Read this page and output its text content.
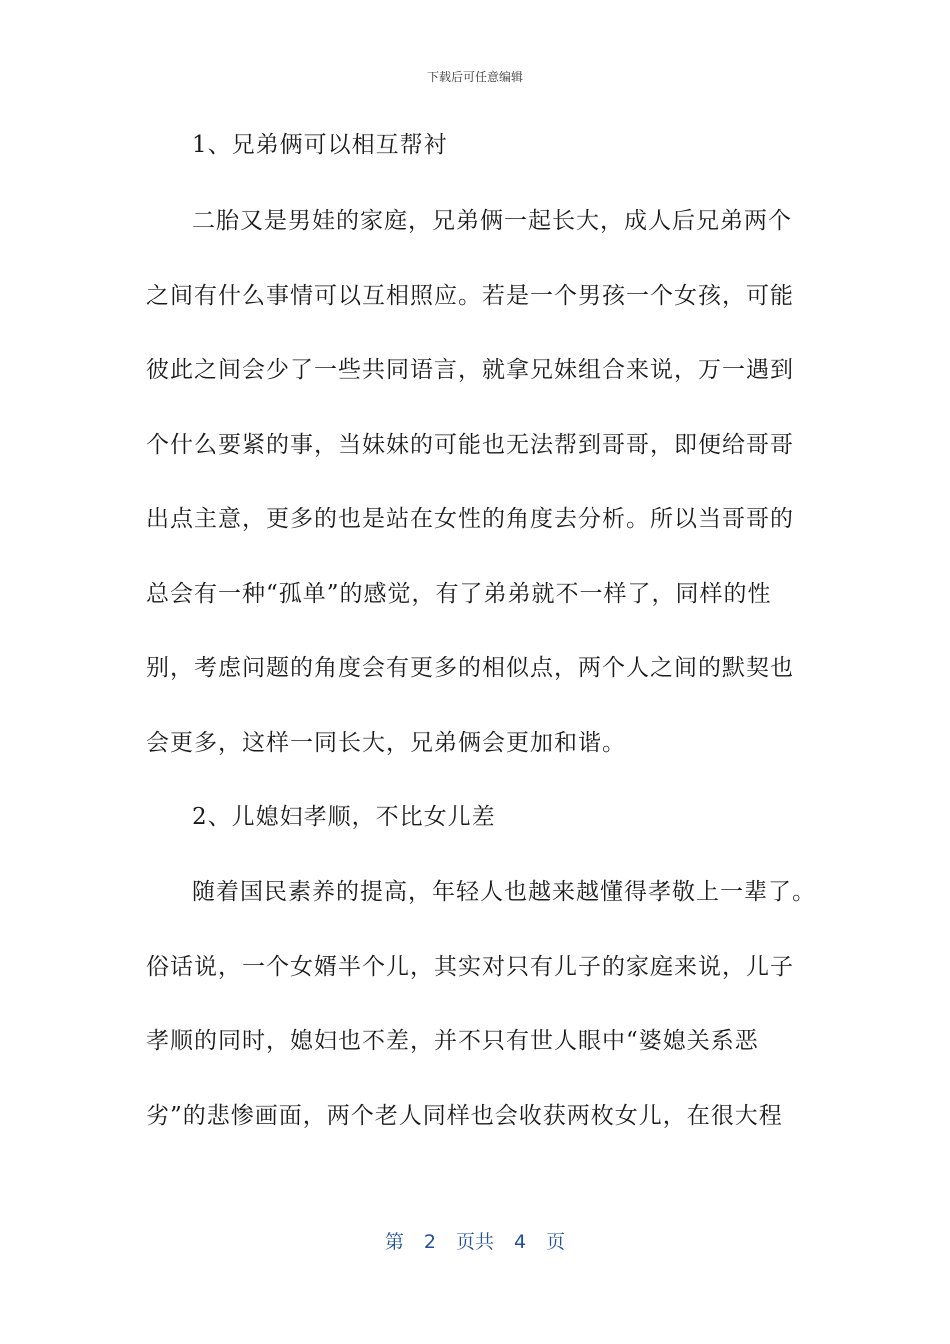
下载后可任意编辑
1、兄弟俩可以相互帮衬
二胎又是男娃的家庭，兄弟俩一起长大，成人后兄弟两个
之间有什么事情可以互相照应。若是一个男孩一个女孩，可能
彼此之间会少了一些共同语言，就拿兄妹组合来说，万一遇到
个什么要紧的事，当妹妹的可能也无法帮到哥哥，即便给哥哥
出点主意，更多的也是站在女性的角度去分析。所以当哥哥的
总会有一种“孤单”的感觉，有了弟弟就不一样了，同样的性
别，考虑问题的角度会有更多的相似点，两个人之间的默契也
会更多，这样一同长大，兄弟俩会更加和谐。
2、儿媳妇孝顺，不比女儿差
随着国民素养的提高，年轻人也越来越懂得孝敬上一辈了。
俗话说，一个女婿半个儿，其实对只有儿子的家庭来说，儿子
孝顺的同时，媳妇也不差，并不只有世人眼中“婆媳关系恶
劣”的悲惨画面，两个老人同样也会收获两枚女儿，在很大程
第 2 页共 4 页
